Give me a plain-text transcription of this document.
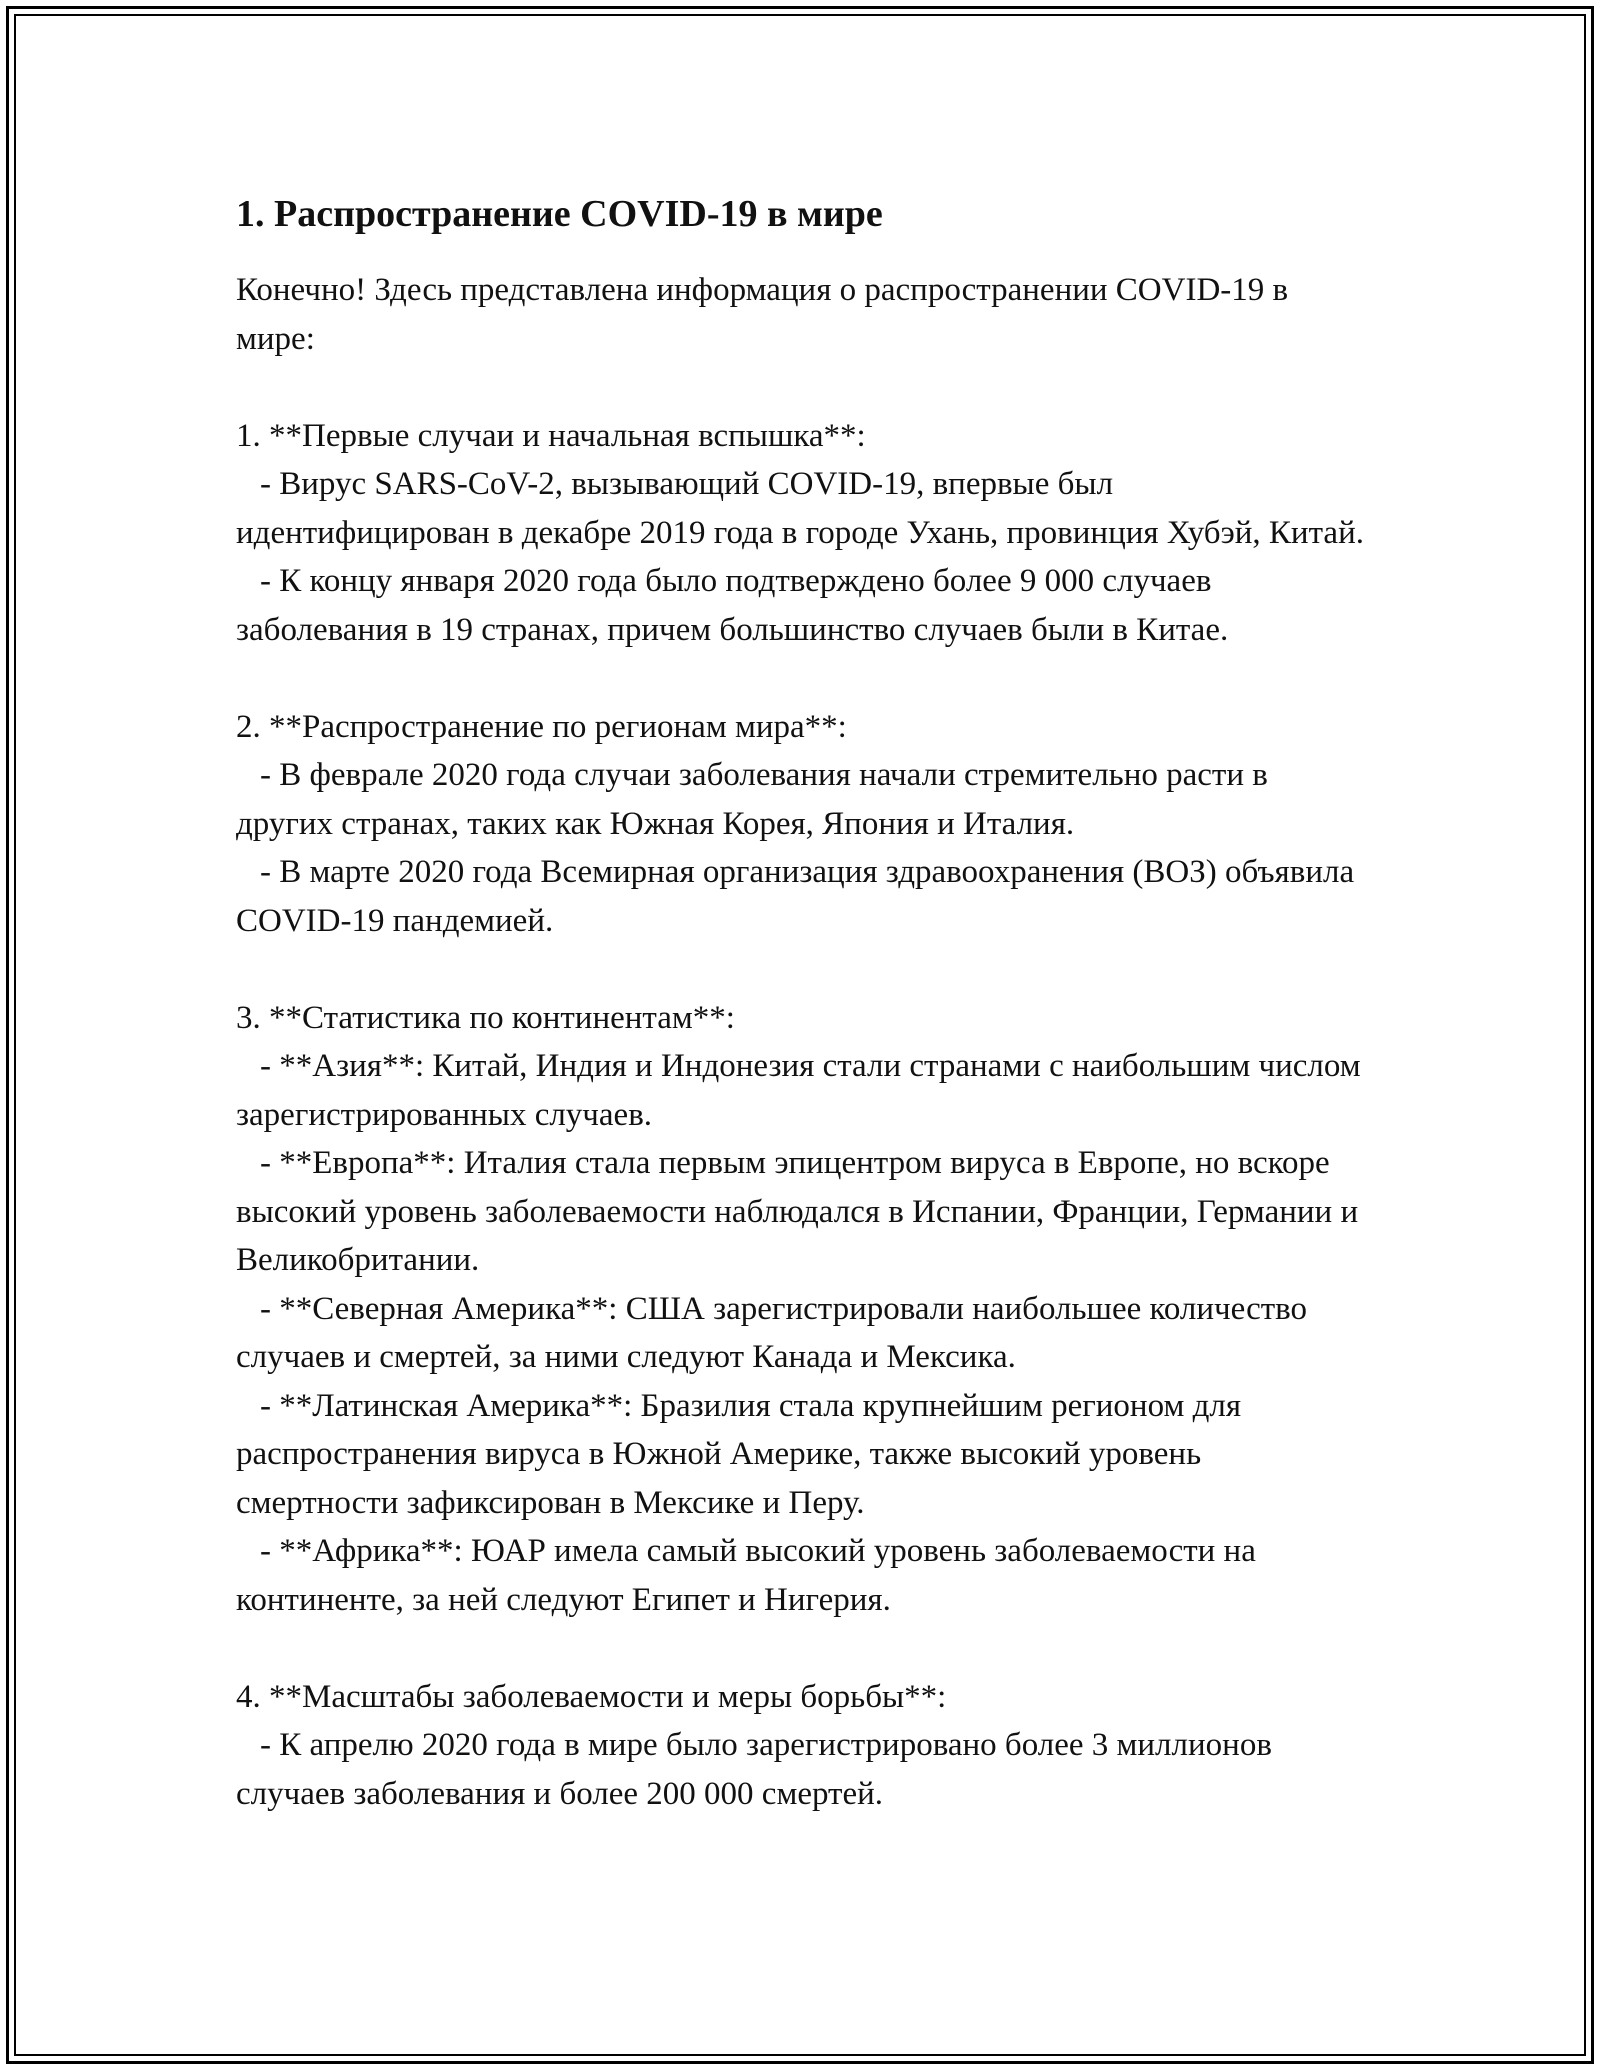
1. Распространение COVID-19 в мире

Конечно! Здесь представлена информация о распространении COVID-19 в мире:

1. **Первые случаи и начальная вспышка**:

- Вирус SARS-CoV-2, вызывающий COVID-19, впервые был идентифицирован в декабре 2019 года в городе Ухань, провинция Хубэй, Китай.

- К концу января 2020 года было подтверждено более 9 000 случаев заболевания в 19 странах, причем большинство случаев были в Китае.

2. **Распространение по регионам мира**:

- В феврале 2020 года случаи заболевания начали стремительно расти в других странах, таких как Южная Корея, Япония и Италия.

- В марте 2020 года Всемирная организация здравоохранения (ВОЗ) объявила COVID-19 пандемией.

3. **Статистика по континентам**:

- **Азия**: Китай, Индия и Индонезия стали странами с наибольшим числом зарегистрированных случаев.

- **Европа**: Италия стала первым эпицентром вируса в Европе, но вскоре высокий уровень заболеваемости наблюдался в Испании, Франции, Германии и Великобритании.

- **Северная Америка**: США зарегистрировали наибольшее количество случаев и смертей, за ними следуют Канада и Мексика.

- **Латинская Америка**: Бразилия стала крупнейшим регионом для распространения вируса в Южной Америке, также высокий уровень смертности зафиксирован в Мексике и Перу.

- **Африка**: ЮАР имела самый высокий уровень заболеваемости на континенте, за ней следуют Египет и Нигерия.

4. **Масштабы заболеваемости и меры борьбы**:

- К апрелю 2020 года в мире было зарегистрировано более 3 миллионов случаев заболевания и более 200 000 смертей.
